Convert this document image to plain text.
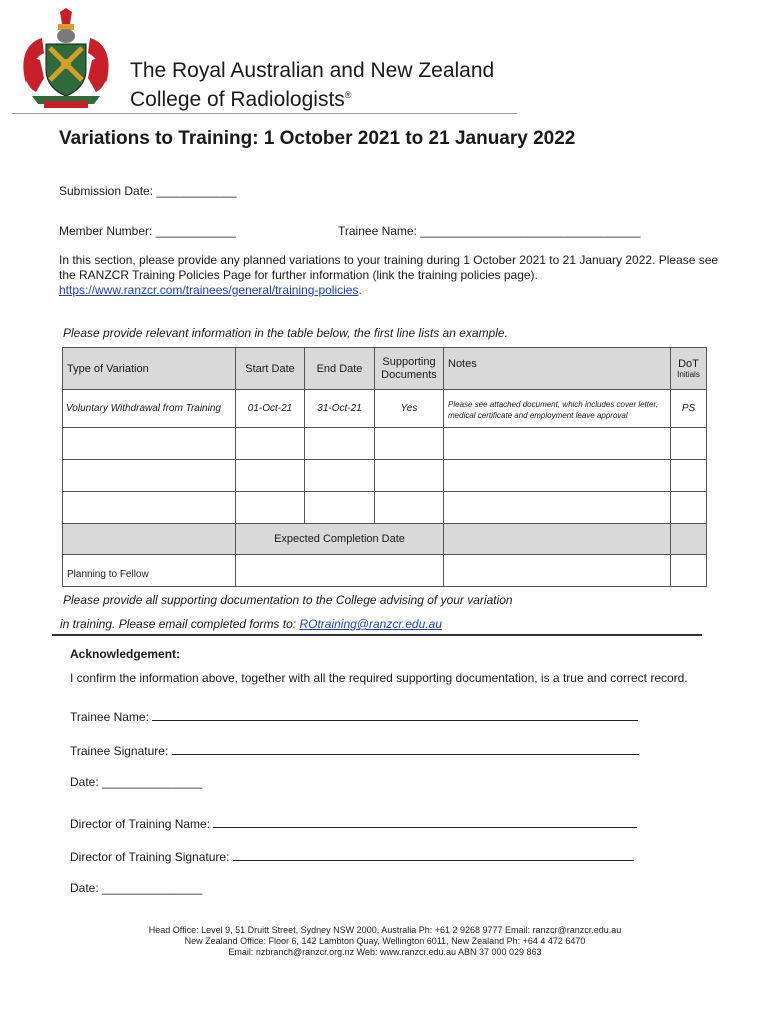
The Royal Australian and New Zealand
College of Radiologists®
Variations to Training: 1 October 2021 to 21 January 2022
Submission Date: ____________
Member Number: ____________	Trainee Name: _________________________________
In this section, please provide any planned variations to your training during 1 October 2021 to 21 January 2022. Please see the RANZCR Training Policies Page for further information (link the training policies page). https://www.ranzcr.com/trainees/general/training-policies.
Please provide relevant information in the table below, the first line lists an example.
Type of Variation	Start Date	End Date	Supporting Documents	Notes	DoT
Initials

Voluntary Withdrawal from Training	01-Oct-21	31-Oct-21	Yes	Please see attached document, which includes cover letter, medical certificate and employment leave approval	PS

	Expected Completion Date				
Planning to Fellow					
Please provide all supporting documentation to the College advising of your variation
in training. Please email completed forms to: ROtraining@ranzcr.edu.au
Acknowledgement:
I confirm the information above, together with all the required supporting documentation, is a true and correct record.
Trainee Name:
Trainee Signature:
Date: _______________
Director of Training Name:
Director of Training Signature:
Date: _______________
Head Office: Level 9, 51 Druitt Street, Sydney NSW 2000, Australia Ph: +61 2 9268 9777 Email: ranzcr@ranzcr.edu.au
New Zealand Office: Floor 6, 142 Lambton Quay, Wellington 6011, New Zealand Ph: +64 4 472 6470
Email: nzbranch@ranzcr.org.nz Web: www.ranzcr.edu.au ABN 37 000 029 863
